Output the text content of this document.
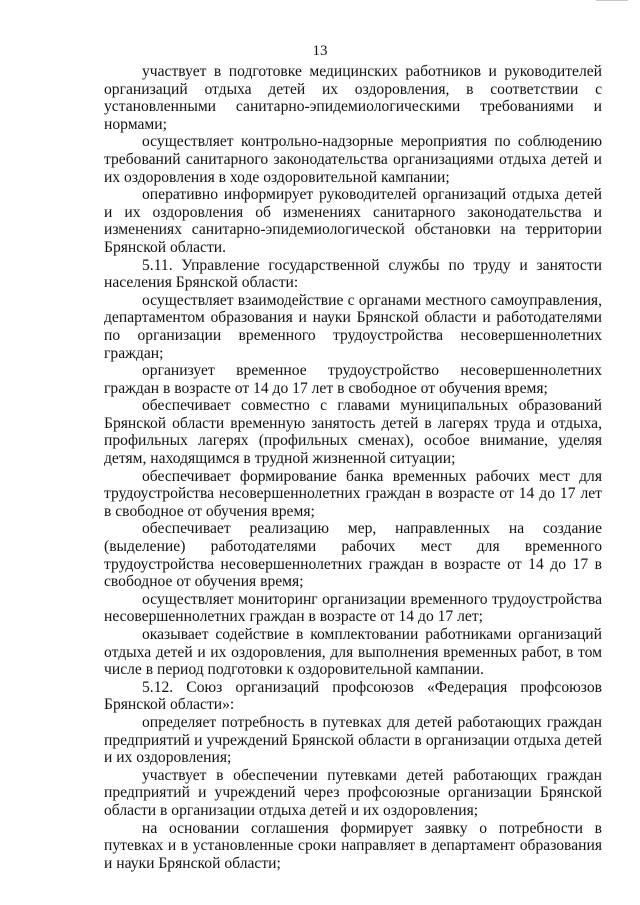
13

участвует в подготовке медицинских работников и руководителей организаций отдыха детей их оздоровления, в соответствии с установленными санитарно-эпидемиологическими требованиями и нормами;

осуществляет контрольно-надзорные мероприятия по соблюдению требований санитарного законодательства организациями отдыха детей и их оздоровления в ходе оздоровительной кампании;

оперативно информирует руководителей организаций отдыха детей и их оздоровления об изменениях санитарного законодательства и изменениях санитарно-эпидемиологической обстановки на территории Брянской области.

5.11. Управление государственной службы по труду и занятости населения Брянской области:

осуществляет взаимодействие с органами местного самоуправления, департаментом образования и науки Брянской области и работодателями по организации временного трудоустройства несовершеннолетних граждан;

организует временное трудоустройство несовершеннолетних граждан в возрасте от 14 до 17 лет в свободное от обучения время;

обеспечивает совместно с главами муниципальных образований Брянской области временную занятость детей в лагерях труда и отдыха, профильных лагерях (профильных сменах), особое внимание, уделяя детям, находящимся в трудной жизненной ситуации;

обеспечивает формирование банка временных рабочих мест для трудоустройства несовершеннолетних граждан в возрасте от 14 до 17 лет в свободное от обучения время;

обеспечивает реализацию мер, направленных на создание (выделение) работодателями рабочих мест для временного трудоустройства несовершеннолетних граждан в возрасте от 14 до 17 в свободное от обучения время;

осуществляет мониторинг организации временного трудоустройства несовершеннолетних граждан в возрасте от 14 до 17 лет;

оказывает содействие в комплектовании работниками организаций отдыха детей и их оздоровления, для выполнения временных работ, в том числе в период подготовки к оздоровительной кампании.

5.12. Союз организаций профсоюзов «Федерация профсоюзов Брянской области»:

определяет потребность в путевках для детей работающих граждан предприятий и учреждений Брянской области в организации отдыха детей и их оздоровления;

участвует в обеспечении путевками детей работающих граждан предприятий и учреждений через профсоюзные организации Брянской области в организации отдыха детей и их оздоровления;

на основании соглашения формирует заявку о потребности в путевках и в установленные сроки направляет в департамент образования и науки Брянской области;
